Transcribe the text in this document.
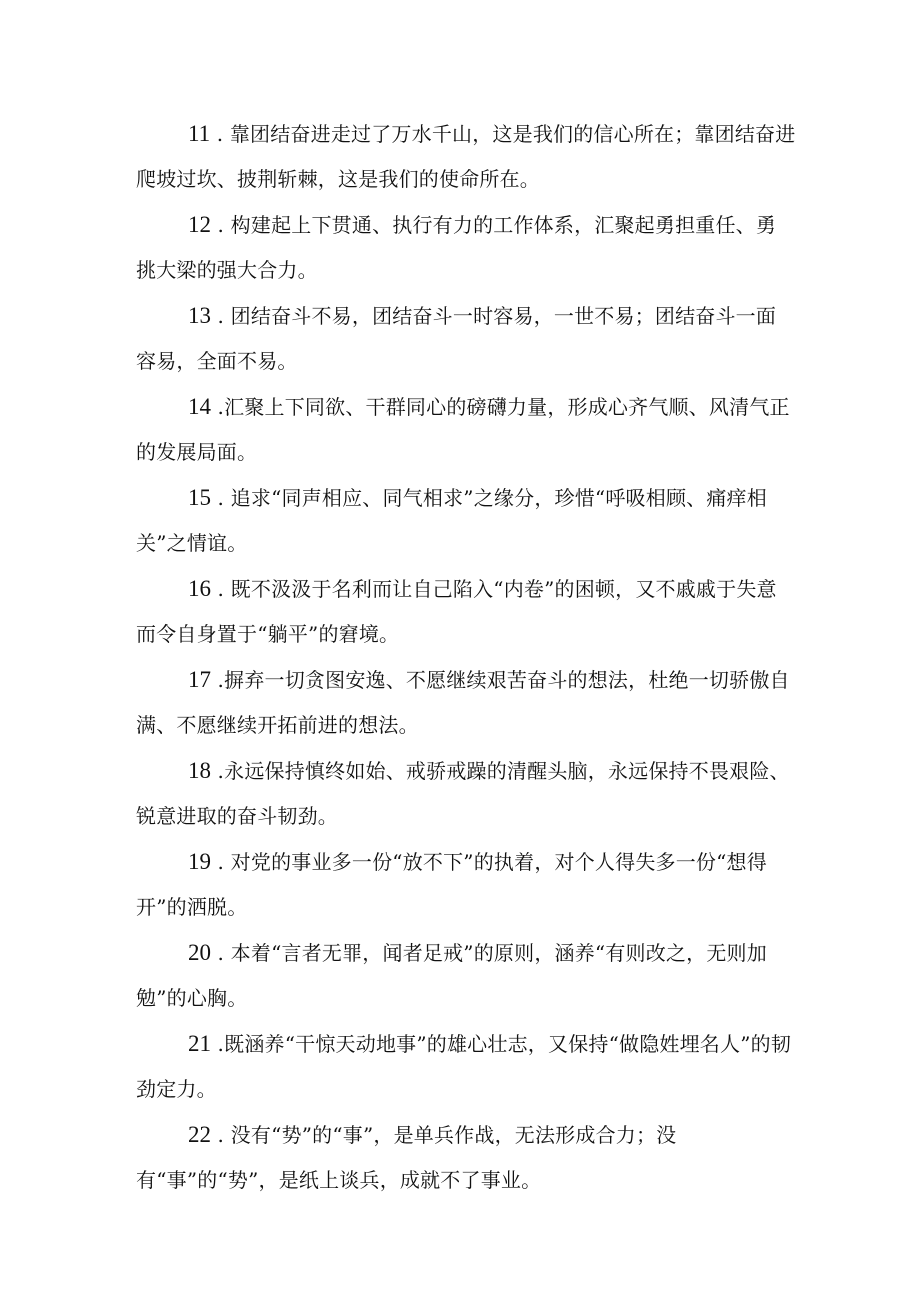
11 . 靠团结奋进走过了万水千山，这是我们的信心所在；靠团结奋进爬坡过坎、披荆斩棘，这是我们的使命所在。

12 . 构建起上下贯通、执行有力的工作体系，汇聚起勇担重任、勇挑大梁的强大合力。

13 . 团结奋斗不易，团结奋斗一时容易，一世不易；团结奋斗一面容易，全面不易。

14 .汇聚上下同欲、干群同心的磅礴力量，形成心齐气顺、风清气正的发展局面。

15 . 追求“同声相应、同气相求”之缘分，珍惜“呼吸相顾、痛痒相关”之情谊。

16 . 既不汲汲于名利而让自己陷入“内卷”的困顿，又不戚戚于失意而令自身置于“躺平”的窘境。

17 .摒弃一切贪图安逸、不愿继续艰苦奋斗的想法，杜绝一切骄傲自满、不愿继续开拓前进的想法。

18 .永远保持慎终如始、戒骄戒躁的清醒头脑，永远保持不畏艰险、锐意进取的奋斗韧劲。

19 . 对党的事业多一份“放不下”的执着，对个人得失多一份“想得开”的洒脱。

20 . 本着“言者无罪，闻者足戒”的原则，涵养“有则改之，无则加勉”的心胸。

21 .既涵养“干惊天动地事”的雄心壮志，又保持“做隐姓埋名人”的韧劲定力。

22 . 没有“势”的“事”，是单兵作战，无法形成合力；没有“事”的“势”，是纸上谈兵，成就不了事业。
